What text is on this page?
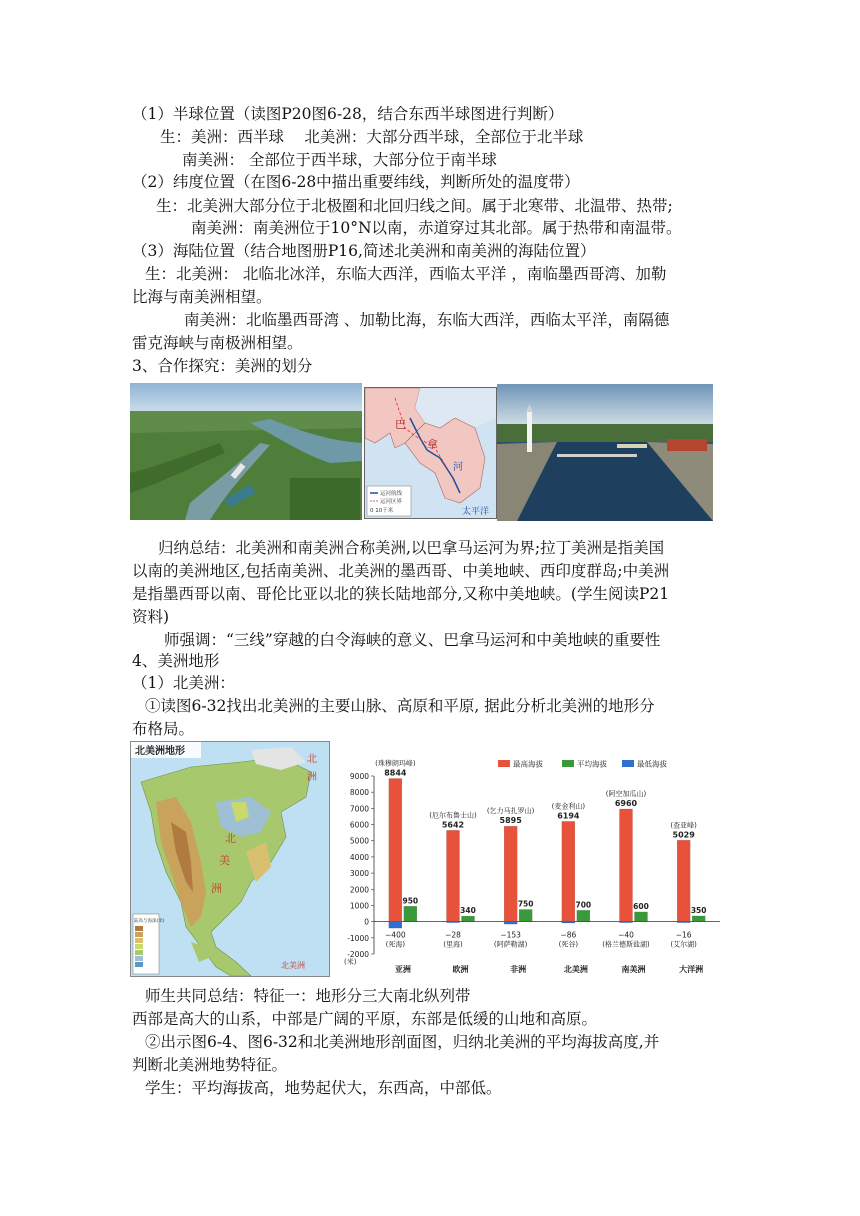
（1）半球位置（读图P20图6-28，结合东西半球图进行判断）
生：美洲：西半球　 北美洲：大部分西半球，全部位于北半球
南美洲： 全部位于西半球，大部分位于南半球
（2）纬度位置（在图6-28中描出重要纬线，判断所处的温度带）
生：北美洲大部分位于北极圈和北回归线之间。属于北寒带、北温带、热带;
南美洲：南美洲位于10°N以南，赤道穿过其北部。属于热带和南温带。
（3）海陆位置（结合地图册P16,简述北美洲和南美洲的海陆位置）
生：北美洲： 北临北冰洋，东临大西洋，西临太平洋 ，南临墨西哥湾、加勒
比海与南美洲相望。
南美洲：北临墨西哥湾 、加勒比海，东临大西洋，西临太平洋，南隔德
雷克海峡与南极洲相望。
3、合作探究：美洲的划分
巴
拿
河
太平洋
运河航线
运河区界
0 10千米
归纳总结：北美洲和南美洲合称美洲,以巴拿马运河为界;拉丁美洲是指美国
以南的美洲地区,包括南美洲、北美洲的墨西哥、中美地峡、西印度群岛;中美洲
是指墨西哥以南、哥伦比亚以北的狭长陆地部分,又称中美地峡。(学生阅读P21
资料)
师强调：“三线”穿越的白令海峡的意义、巴拿马运河和中美地峡的重要性
4、美洲地形
（1）北美洲：
①读图6-32找出北美洲的主要山脉、高原和平原, 据此分析北美洲的地形分
布格局。
北美洲地形
北
美
洲
北
洲
北美洲
陆高与海深(米)
-2000
-1000
0
1000
2000
3000
4000
5000
6000
7000
8000
9000
(米)
最高海拔	平均海拔	最低海拔
8844
(珠穆朗玛峰)
950
−400
(死海)
亚洲
5642
(厄尔布鲁士山)
340
−28
(里海)
欧洲
5895
(乞力马扎罗山)
750
−153
(阿萨勒湖)
非洲
6194
(麦金利山)
700
−86
(死谷)
北美洲
6960
(阿空加瓜山)
600
−40
(格兰德斯盐湖)
南美洲
5029
(查亚峰)
350
−16
(艾尔湖)
大洋洲
师生共同总结：特征一：地形分三大南北纵列带
西部是高大的山系，中部是广阔的平原，东部是低缓的山地和高原。
②出示图6-4、图6-32和北美洲地形剖面图，归纳北美洲的平均海拔高度,并
判断北美洲地势特征。
学生：平均海拔高，地势起伏大，东西高，中部低。
